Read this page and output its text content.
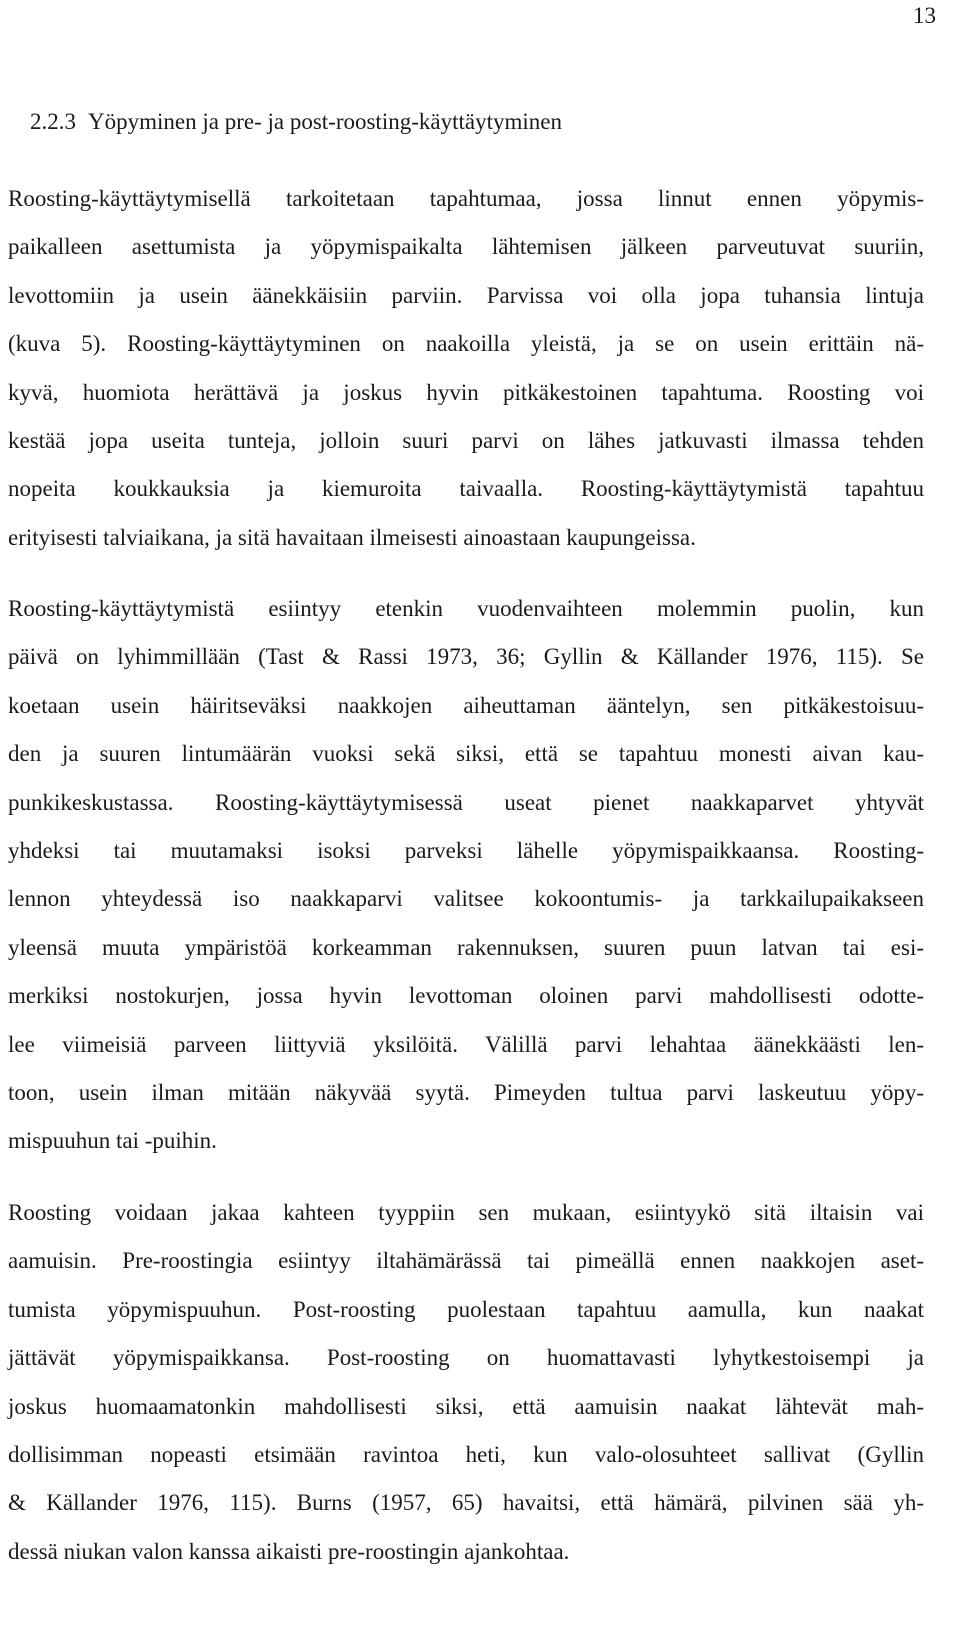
13
2.2.3 Yöpyminen ja pre- ja post-roosting-käyttäytyminen
Roosting-käyttäytymisellä tarkoitetaan tapahtumaa, jossa linnut ennen yöpymis-
paikalleen asettumista ja yöpymispaikalta lähtemisen jälkeen parveutuvat suuriin,
levottomiin ja usein äänekkäisiin parviin. Parvissa voi olla jopa tuhansia lintuja
(kuva 5). Roosting-käyttäytyminen on naakoilla yleistä, ja se on usein erittäin nä-
kyvä, huomiota herättävä ja joskus hyvin pitkäkestoinen tapahtuma. Roosting voi
kestää jopa useita tunteja, jolloin suuri parvi on lähes jatkuvasti ilmassa tehden
nopeita koukkauksia ja kiemuroita taivaalla. Roosting-käyttäytymistä tapahtuu
erityisesti talviaikana, ja sitä havaitaan ilmeisesti ainoastaan kaupungeissa.
Roosting-käyttäytymistä esiintyy etenkin vuodenvaihteen molemmin puolin, kun
päivä on lyhimmillään (Tast & Rassi 1973, 36; Gyllin & Källander 1976, 115). Se
koetaan usein häiritseväksi naakkojen aiheuttaman ääntelyn, sen pitkäkestoisuu-
den ja suuren lintumäärän vuoksi sekä siksi, että se tapahtuu monesti aivan kau-
punkikeskustassa. Roosting-käyttäytymisessä useat pienet naakkaparvet yhtyvät
yhdeksi tai muutamaksi isoksi parveksi lähelle yöpymispaikkaansa. Roosting-
lennon yhteydessä iso naakkaparvi valitsee kokoontumis- ja tarkkailupaikakseen
yleensä muuta ympäristöä korkeamman rakennuksen, suuren puun latvan tai esi-
merkiksi nostokurjen, jossa hyvin levottoman oloinen parvi mahdollisesti odotte-
lee viimeisiä parveen liittyviä yksilöitä. Välillä parvi lehahtaa äänekkäästi len-
toon, usein ilman mitään näkyvää syytä. Pimeyden tultua parvi laskeutuu yöpy-
mispuuhun tai -puihin.
Roosting voidaan jakaa kahteen tyyppiin sen mukaan, esiintyykö sitä iltaisin vai
aamuisin. Pre-roostingia esiintyy iltahämärässä tai pimeällä ennen naakkojen aset-
tumista yöpymispuuhun. Post-roosting puolestaan tapahtuu aamulla, kun naakat
jättävät yöpymispaikkansa. Post-roosting on huomattavasti lyhytkestoisempi ja
joskus huomaamatonkin mahdollisesti siksi, että aamuisin naakat lähtevät mah-
dollisimman nopeasti etsimään ravintoa heti, kun valo-olosuhteet sallivat (Gyllin
& Källander 1976, 115). Burns (1957, 65) havaitsi, että hämärä, pilvinen sää yh-
dessä niukan valon kanssa aikaisti pre-roostingin ajankohtaa.
